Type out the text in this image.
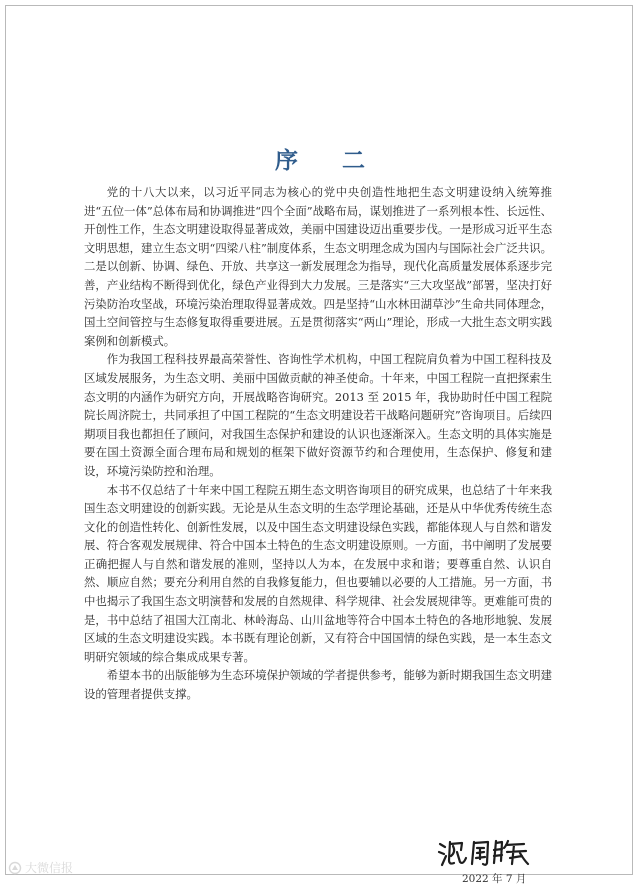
序 二

党的十八大以来，以习近平同志为核心的党中央创造性地把生态文明建设纳入统筹推进“五位一体”总体布局和协调推进“四个全面”战略布局，谋划推进了一系列根本性、长远性、开创性工作，生态文明建设取得显著成效，美丽中国建设迈出重要步伐。一是形成习近平生态文明思想，建立生态文明“四梁八柱”制度体系，生态文明理念成为国内与国际社会广泛共识。二是以创新、协调、绿色、开放、共享这一新发展理念为指导，现代化高质量发展体系逐步完善，产业结构不断得到优化，绿色产业得到大力发展。三是落实“三大攻坚战”部署，坚决打好污染防治攻坚战，环境污染治理取得显著成效。四是坚持“山水林田湖草沙”生命共同体理念，国土空间管控与生态修复取得重要进展。五是贯彻落实“两山”理论，形成一大批生态文明实践案例和创新模式。

作为我国工程科技界最高荣誉性、咨询性学术机构，中国工程院肩负着为中国工程科技及区域发展服务，为生态文明、美丽中国做贡献的神圣使命。十年来，中国工程院一直把探索生态文明的内涵作为研究方向，开展战略咨询研究。2013 至 2015 年，我协助时任中国工程院院长周济院士，共同承担了中国工程院的“生态文明建设若干战略问题研究”咨询项目。后续四期项目我也都担任了顾问，对我国生态保护和建设的认识也逐渐深入。生态文明的具体实施是要在国土资源全面合理布局和规划的框架下做好资源节约和合理使用，生态保护、修复和建设，环境污染防控和治理。

本书不仅总结了十年来中国工程院五期生态文明咨询项目的研究成果，也总结了十年来我国生态文明建设的创新实践。无论是从生态文明的生态学理论基础，还是从中华优秀传统生态文化的创造性转化、创新性发展，以及中国生态文明建设绿色实践，都能体现人与自然和谐发展、符合客观发展规律、符合中国本土特色的生态文明建设原则。一方面，书中阐明了发展要正确把握人与自然和谐发展的准则，坚持以人为本，在发展中求和谐；要尊重自然、认识自然、顺应自然；要充分利用自然的自我修复能力，但也要辅以必要的人工措施。另一方面，书中也揭示了我国生态文明演替和发展的自然规律、科学规律、社会发展规律等。更难能可贵的是，书中总结了祖国大江南北、林岭海岛、山川盆地等符合中国本土特色的各地形地貌、发展区域的生态文明建设实践。本书既有理论创新，又有符合中国国情的绿色实践，是一本生态文明研究领域的综合集成成果专著。

希望本书的出版能够为生态环境保护领域的学者提供参考，能够为新时期我国生态文明建设的管理者提供支撑。

2022 年 7 月
大微信报
